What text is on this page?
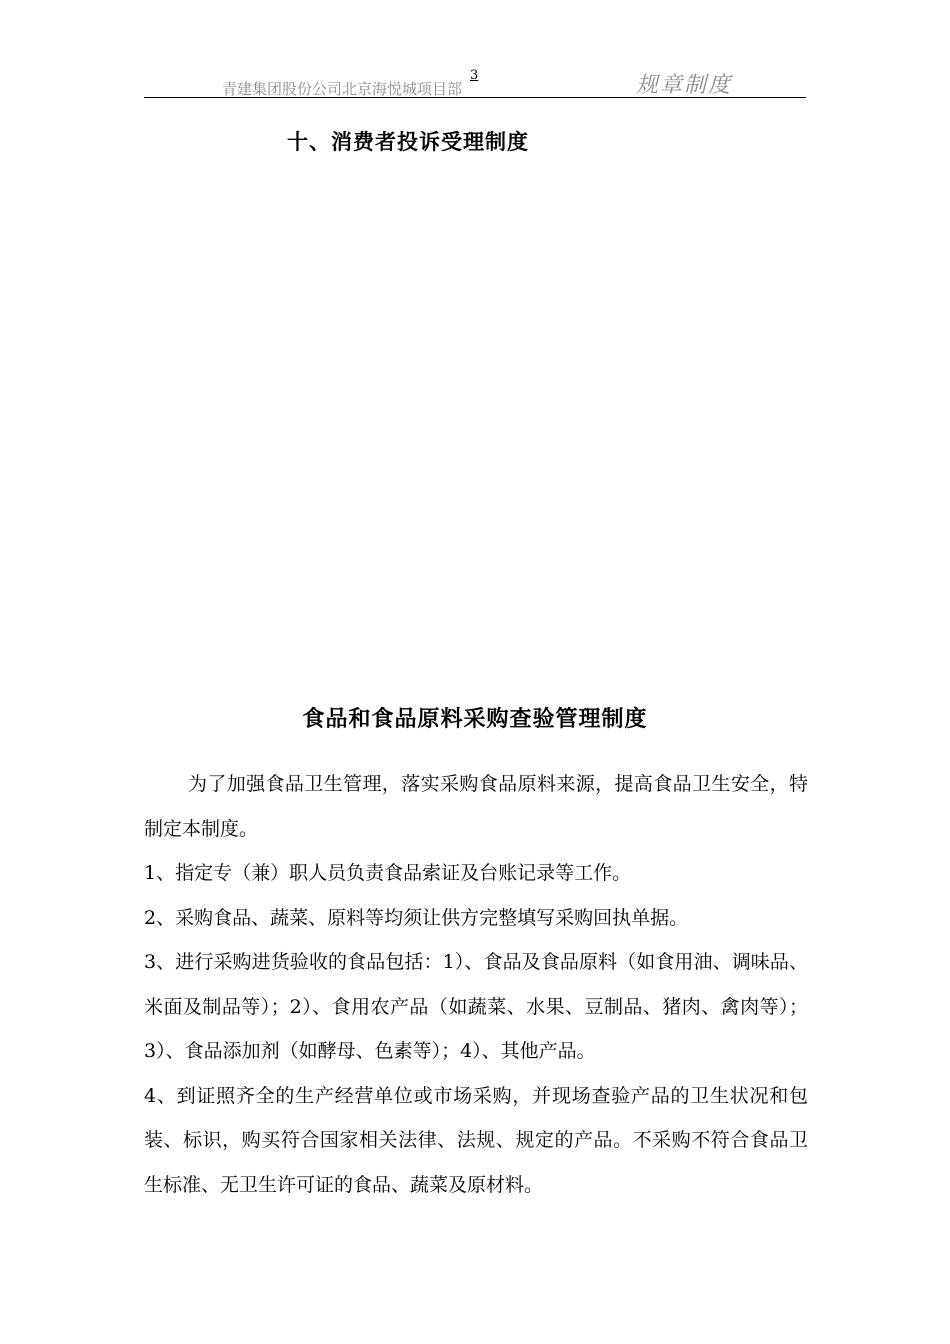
青建集团股份公司北京海悦城项目部
3	规章制度
十、消费者投诉受理制度
食品和食品原料采购查验管理制度

为了加强食品卫生管理，落实采购食品原料来源，提高食品卫生安全，特制定本制度。

1、指定专（兼）职人员负责食品索证及台账记录等工作。

2、采购食品、蔬菜、原料等均须让供方完整填写采购回执单据。

3、进行采购进货验收的食品包括：1）、食品及食品原料（如食用油、调味品、米面及制品等）；2）、食用农产品（如蔬菜、水果、豆制品、猪肉、禽肉等）；3）、食品添加剂（如酵母、色素等）；4）、其他产品。

4、到证照齐全的生产经营单位或市场采购，并现场查验产品的卫生状况和包装、标识，购买符合国家相关法律、法规、规定的产品。不采购不符合食品卫生标准、无卫生许可证的食品、蔬菜及原材料。
